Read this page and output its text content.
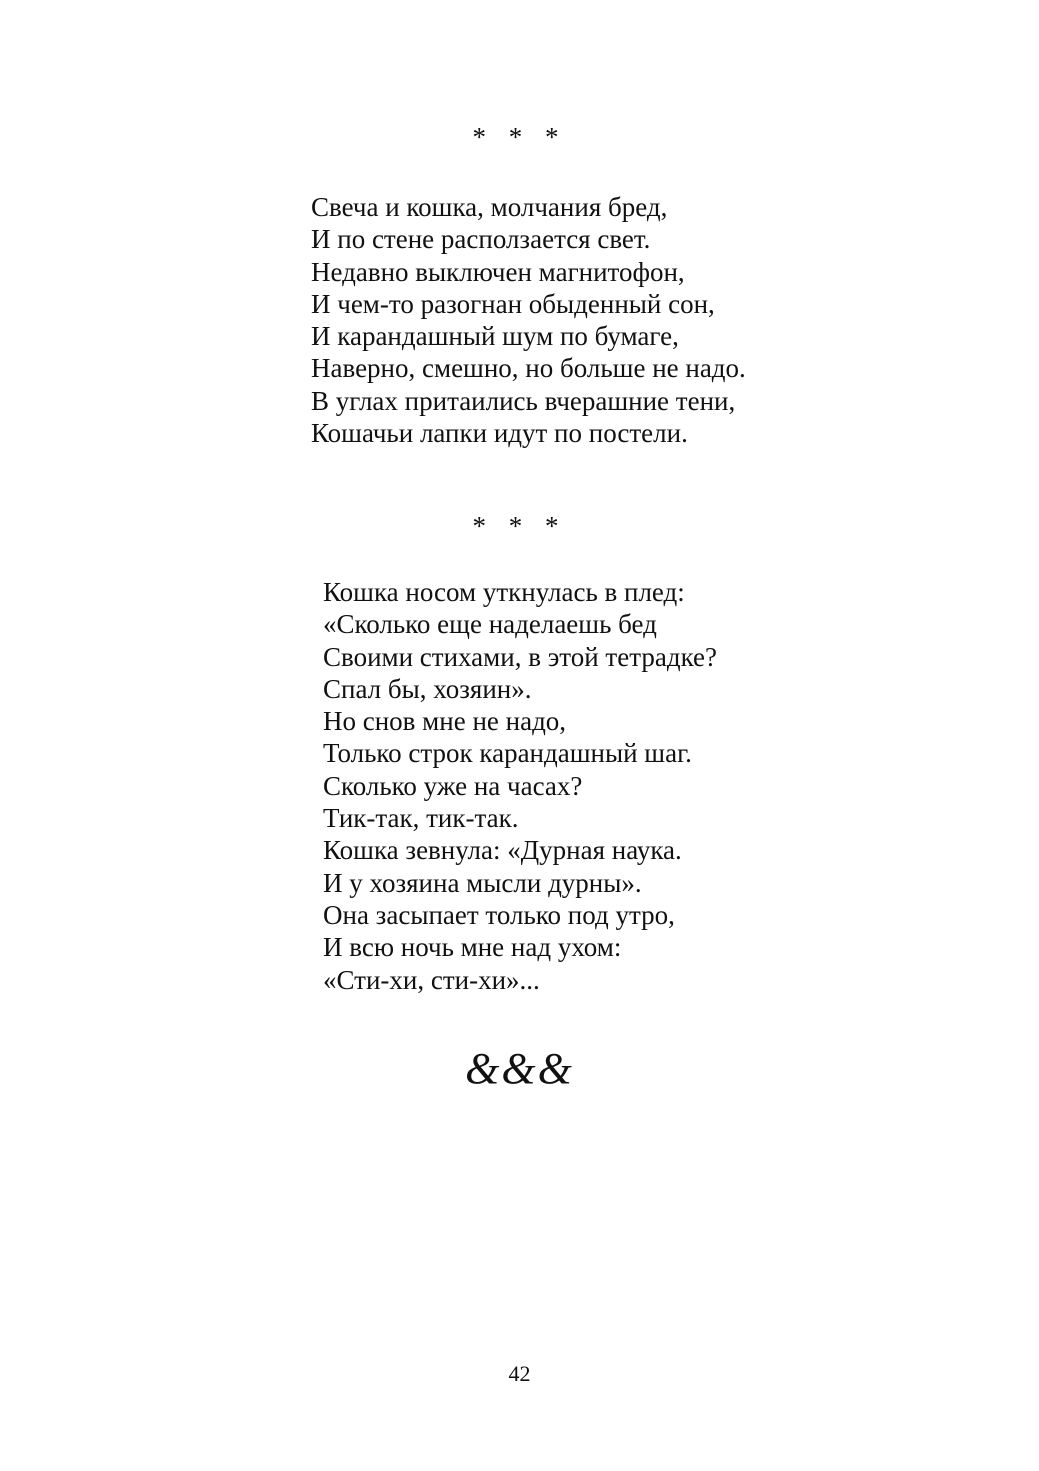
* * *
Свеча и кошка, молчания бред,
И по стене расползается свет.
Недавно выключен магнитофон,
И чем-то разогнан обыденный сон,
И карандашный шум по бумаге,
Наверно, смешно, но больше не надо.
В углах притаились вчерашние тени,
Кошачьи лапки идут по постели.
* * *
Кошка носом уткнулась в плед:
«Сколько еще наделаешь бед
Своими стихами, в этой тетрадке?
Спал бы, хозяин».
Но снов мне не надо,
Только строк карандашный шаг.
Сколько уже на часах?
Тик-так, тик-так.
Кошка зевнула: «Дурная наука.
И у хозяина мысли дурны».
Она засыпает только под утро,
И всю ночь мне над ухом:
«Сти-хи, сти-хи»...
&&&
42
